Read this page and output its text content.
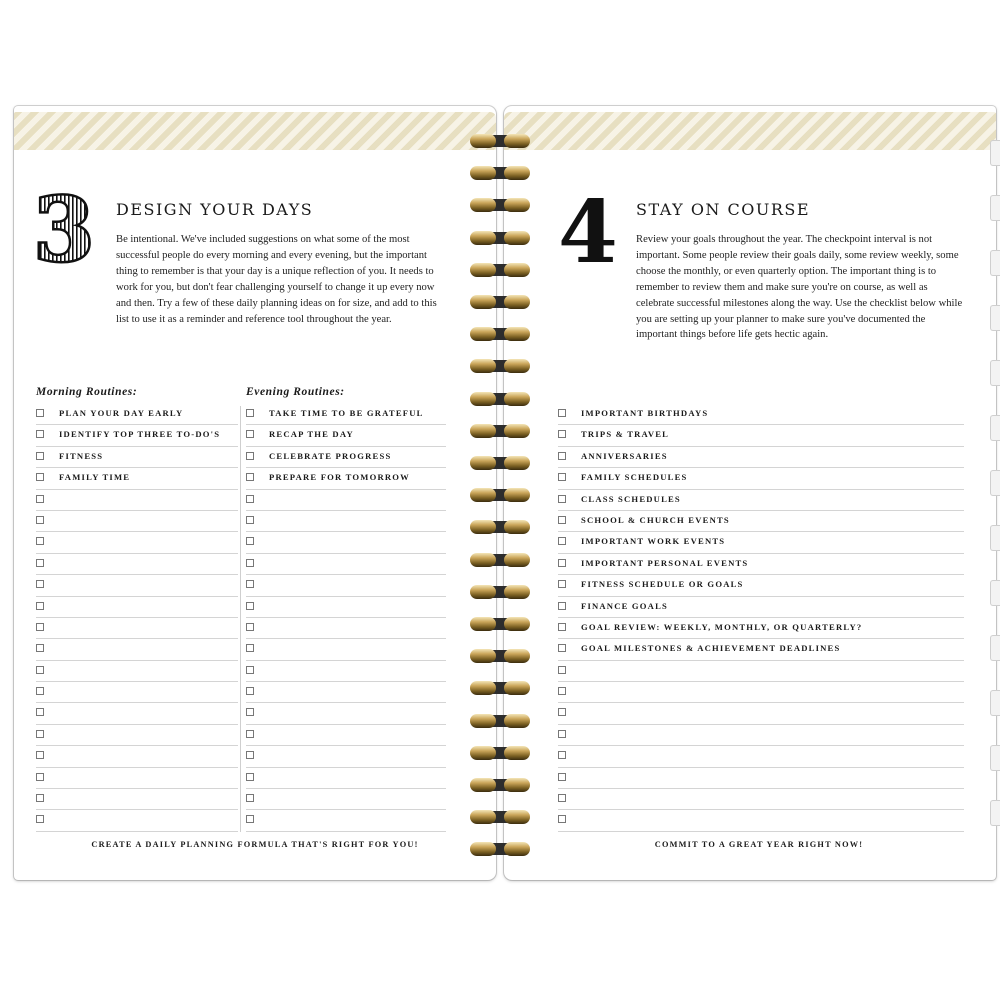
3 DESIGN YOUR DAYS
Be intentional. We've included suggestions on what some of the most successful people do every morning and every evening, but the important thing to remember is that your day is a unique reflection of you. It needs to work for you, but don't fear challenging yourself to change it up every now and then. Try a few of these daily planning ideas on for size, and add to this list to use it as a reminder and reference tool throughout the year.
Morning Routines:	Evening Routines:
PLAN YOUR DAY EARLY
IDENTIFY TOP THREE TO-DO'S
FITNESS
FAMILY TIME
TAKE TIME TO BE GRATEFUL
RECAP THE DAY
CELEBRATE PROGRESS
PREPARE FOR TOMORROW
CREATE A DAILY PLANNING FORMULA THAT'S RIGHT FOR YOU!
4 STAY ON COURSE
Review your goals throughout the year. The checkpoint interval is not important. Some people review their goals daily, some review weekly, some choose the monthly, or even quarterly option. The important thing is to remember to review them and make sure you're on course, as well as celebrate successful milestones along the way. Use the checklist below while you are setting up your planner to make sure you've documented the important things before life gets hectic again.
IMPORTANT BIRTHDAYS
TRIPS & TRAVEL
ANNIVERSARIES
FAMILY SCHEDULES
CLASS SCHEDULES
SCHOOL & CHURCH EVENTS
IMPORTANT WORK EVENTS
IMPORTANT PERSONAL EVENTS
FITNESS SCHEDULE OR GOALS
FINANCE GOALS
GOAL REVIEW: WEEKLY, MONTHLY, OR QUARTERLY?
GOAL MILESTONES & ACHIEVEMENT DEADLINES
COMMIT TO A GREAT YEAR RIGHT NOW!
